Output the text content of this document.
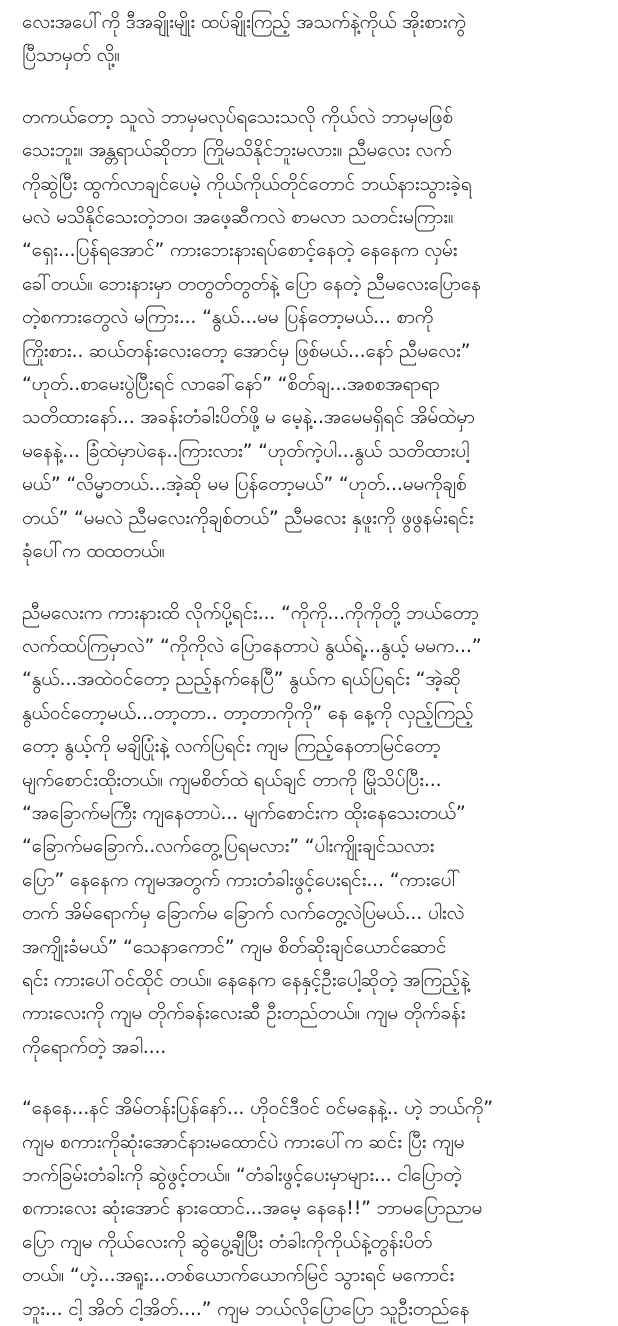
လေးအပေါ်ကို ဒီအချိုးမျိုး ထပ်ချိုးကြည့် အသက်နဲ့ကိုယ် အိုးစားကွဲ
ပြီသာမှတ် လို့။
တကယ်တော့ သူလဲ ဘာမှမလုပ်ရသေးသလို ကိုယ်လဲ ဘာမှမဖြစ်
သေးဘူး။ အန္တရာယ်ဆိုတာ ကြိုမသိနိုင်ဘူးမလား။ ညီမလေး လက်
ကိုဆွဲပြီး ထွက်လာချင်ပေမဲ့ ကိုယ်ကိုယ်တိုင်တောင် ဘယ်နားသွားခဲ့ရ
မလဲ မသိနိုင်သေးတဲ့ဘဝ၊ အဖေ့ဆီကလဲ စာမလာ သတင်းမကြား။
“ရှေး...ပြန်ရအောင်” ကားဘေးနားရပ်စောင့်နေတဲ့ နေနေက လှမ်း
ခေါ်တယ်။ ဘေးနားမှာ တတွတ်တွတ်နဲ့ ပြော နေတဲ့ ညီမလေးပြောနေ
တဲ့စကားတွေလဲ မကြား... “နွယ်...မမ ပြန်တော့မယ်... စာကို
ကြိုးစား.. ဆယ်တန်းလေးတော့ အောင်မှ ဖြစ်မယ်...နော် ညီမလေး”
“ဟုတ်..စာမေးပွဲပြီးရင် လာခေါ်နော်” “စိတ်ချ...အစစအရာရာ
သတိထားနော်... အခန်းတံခါးပိတ်ဖို့ မ မေ့နဲ့..အမေမရှိရင် အိမ်ထဲမှာ
မနေနဲ့... ခြံထဲမှာပဲနေ..ကြားလား” “ဟုတ်ကဲ့ပါ...နွယ် သတိထားပါ့
မယ်” “လိမ္မာတယ်...အဲ့ဆို မမ ပြန်တော့မယ်” “ဟုတ်...မမကိုချစ်
တယ်” “မမလဲ ညီမလေးကိုချစ်တယ်” ညီမလေး နှဖူးကို ဖွဖွနမ်းရင်း
ခုံပေါ်က ထထတယ်။
ညီမလေးက ကားနားထိ လိုက်ပို့ရင်း... “ကိုကို...ကိုကိုတို့ ဘယ်တော့
လက်ထပ်ကြမှာလဲ” “ကိုကိုလဲ ပြောနေတာပဲ နွယ်ရဲ့...နွယ့် မမက...”
“နွယ်...အထဲဝင်တော့ ညည့်နက်နေပြီ” နွယ်က ရယ်ပြရင်း “အဲ့ဆို
နွယ်ဝင်တော့မယ်...တာ့တာ.. တာ့တာကိုကို” နေ နေ့ကို လှည့်ကြည့်
တော့ နွယ့်ကို မချိပြုံးနဲ့ လက်ပြရင်း ကျမ ကြည့်နေတာမြင်တော့
မျက်စောင်းထိုးတယ်။ ကျမစိတ်ထဲ ရယ်ချင် တာကို မြိုသိပ်ပြီး...
“အခြောက်မကြီး ကျနေတာပဲ... မျက်စောင်းက ထိုးနေသေးတယ်”
“ခြောက်မခြောက်..လက်တွေ့ပြရမလား” “ပါးကျိုးချင်သလား
ပြော” နေနေက ကျမအတွက် ကားတံခါးဖွင့်ပေးရင်း... “ကားပေါ်
တက် အိမ်ရောက်မှ ခြောက်မ ခြောက် လက်တွေ့လဲပြမယ်... ပါးလဲ
အကျိုးခံမယ်” “သေနာကောင်” ကျမ စိတ်ဆိုးချင်ယောင်ဆောင်
ရင်း ကားပေါ်ဝင်ထိုင် တယ်။ နေနေက နေနှင့်ဦးပေါ့ဆိုတဲ့ အကြည့်နဲ့
ကားလေးကို ကျမ တိုက်ခန်းလေးဆီ ဦးတည်တယ်။ ကျမ တိုက်ခန်း
ကိုရောက်တဲ့ အခါ....
“နေနေ...နင် အိမ်တန်းပြန်နော်... ဟိုဝင်ဒီဝင် ဝင်မနေနဲ့.. ဟဲ့ ဘယ်ကို”
ကျမ စကားကိုဆုံးအောင်နားမထောင်ပဲ ကားပေါ်က ဆင်း ပြီး ကျမ
ဘက်ခြမ်းတံခါးကို ဆွဲဖွင့်တယ်။ “တံခါးဖွင့်ပေးမှာများ... ငါပြောတဲ့
စကားလေး ဆုံးအောင် နားထောင်...အမေ့ နေနေ!!” ဘာမပြောညာမ
ပြော ကျမ ကိုယ်လေးကို ဆွဲပွေ့ချီပြီး တံခါးကိုကိုယ်နဲ့တွန်းပိတ်
တယ်။ “ဟဲ့...အရူး...တစ်ယောက်ယောက်မြင် သွားရင် မကောင်း
ဘူး... ငါ့ အိတ် ငါ့အိတ်....” ကျမ ဘယ်လိုပြောပြော သူဦးတည်နေ
